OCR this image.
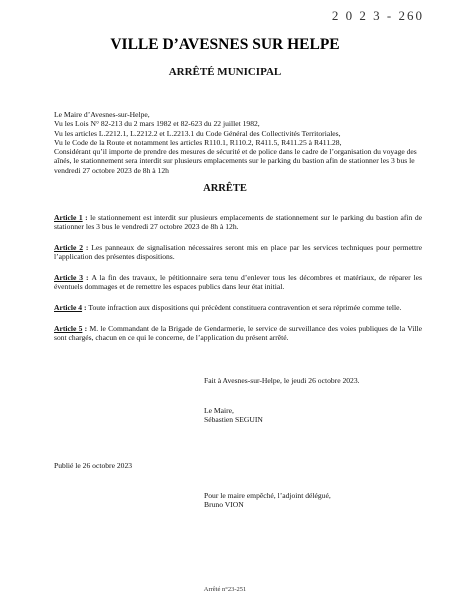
2 0 2 3 - 260
VILLE D’AVESNES SUR HELPE
ARRÊTÉ MUNICIPAL

Le Maire d’Avesnes-sur-Helpe,

Vu les Lois N° 82-213 du 2 mars 1982 et 82-623 du 22 juillet 1982,

Vu les articles L.2212.1, L.2212.2 et L.2213.1 du Code Général des Collectivités Territoriales,

Vu le Code de la Route et notamment les articles R110.1, R110.2, R411.5, R411.25 à R411.28,

Considérant qu’il importe de prendre des mesures de sécurité et de police dans le cadre de l’organisation du voyage des aînés, le stationnement sera interdit sur plusieurs emplacements sur le parking du bastion afin de stationner les 3 bus le vendredi 27 octobre 2023 de 8h à 12h

ARRÊTE

Article 1 : le stationnement est interdit sur plusieurs emplacements de stationnement sur le parking du bastion afin de stationner les 3 bus le vendredi 27 octobre 2023 de 8h à 12h.

Article 2 : Les panneaux de signalisation nécessaires seront mis en place par les services techniques pour permettre l’application des présentes dispositions.

Article 3 : A la fin des travaux, le pétitionnaire sera tenu d’enlever tous les décombres et matériaux, de réparer les éventuels dommages et de remettre les espaces publics dans leur état initial.

Article 4 : Toute infraction aux dispositions qui précèdent constituera contravention et sera réprimée comme telle.

Article 5 : M. le Commandant de la Brigade de Gendarmerie, le service de surveillance des voies publiques de la Ville sont chargés, chacun en ce qui le concerne, de l’application du présent arrêté.

Fait à Avesnes-sur-Helpe, le jeudi 26 octobre 2023.

Le Maire,

Sébastien SEGUIN

Publié le 26 octobre 2023

Pour le maire empêché, l’adjoint délégué,

Bruno VION

Arrêté n°23-251
